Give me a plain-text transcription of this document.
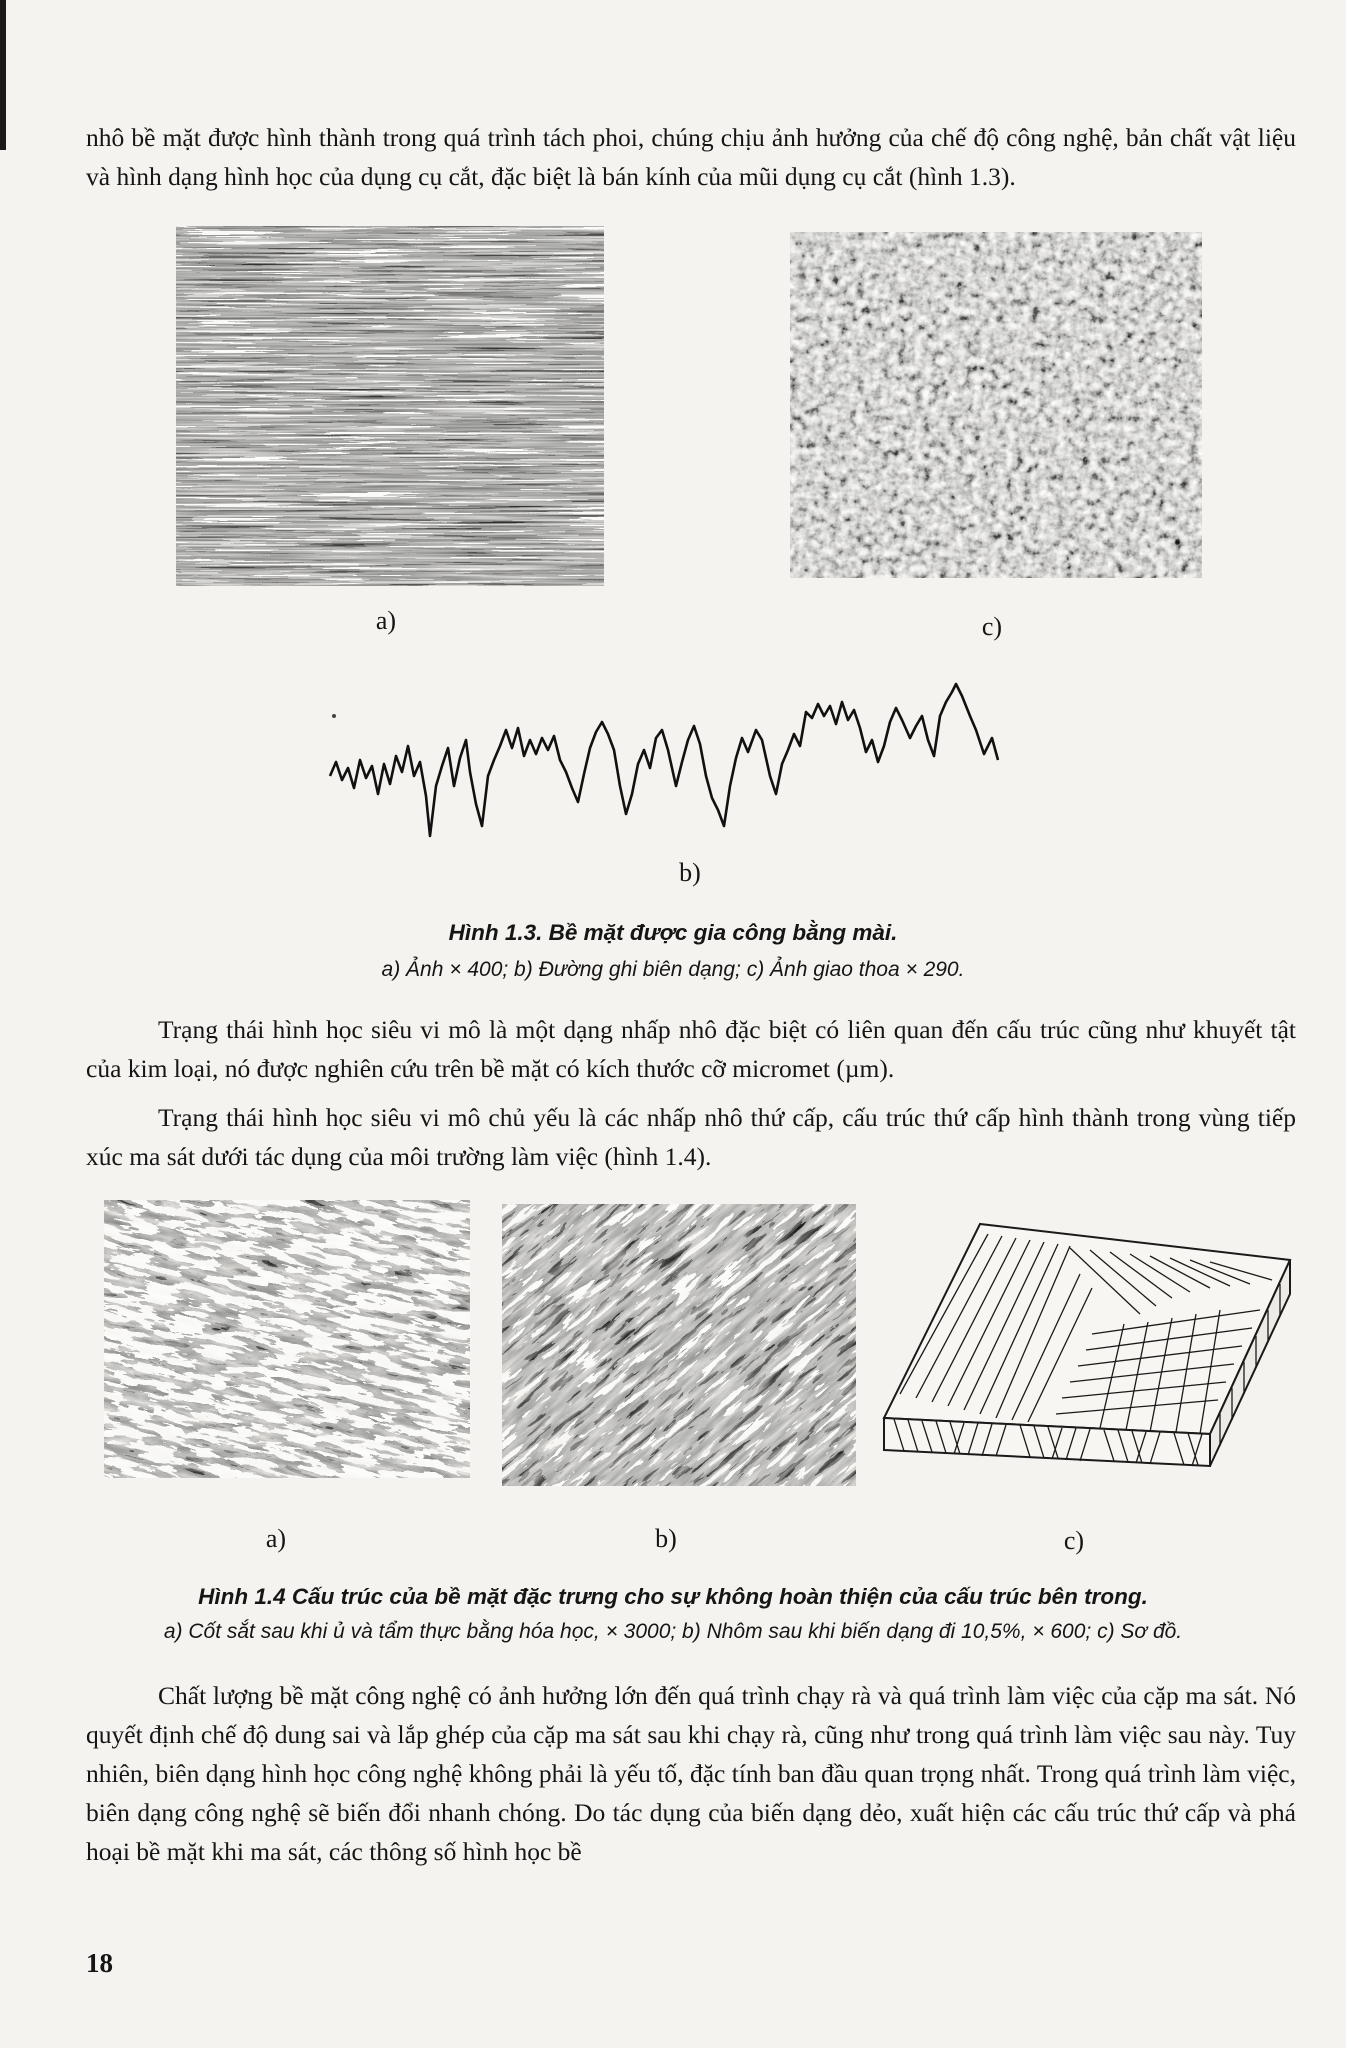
nhô bề mặt được hình thành trong quá trình tách phoi, chúng chịu ảnh hưởng của chế độ công nghệ, bản chất vật liệu và hình dạng hình học của dụng cụ cắt, đặc biệt là bán kính của mũi dụng cụ cắt (hình 1.3).

a)	c)
b)
Hình 1.3. Bề mặt được gia công bằng mài.
a) Ảnh × 400; b) Đường ghi biên dạng; c) Ảnh giao thoa × 290.

Trạng thái hình học siêu vi mô là một dạng nhấp nhô đặc biệt có liên quan đến cấu trúc cũng như khuyết tật của kim loại, nó được nghiên cứu trên bề mặt có kích thước cỡ micromet (µm).

Trạng thái hình học siêu vi mô chủ yếu là các nhấp nhô thứ cấp, cấu trúc thứ cấp hình thành trong vùng tiếp xúc ma sát dưới tác dụng của môi trường làm việc (hình 1.4).

a)	b)	c)
Hình 1.4 Cấu trúc của bề mặt đặc trưng cho sự không hoàn thiện của cấu trúc bên trong.
a) Cốt sắt sau khi ủ và tẩm thực bằng hóa học, × 3000; b) Nhôm sau khi biến dạng đi 10,5%, × 600; c) Sơ đồ.

Chất lượng bề mặt công nghệ có ảnh hưởng lớn đến quá trình chạy rà và quá trình làm việc của cặp ma sát. Nó quyết định chế độ dung sai và lắp ghép của cặp ma sát sau khi chạy rà, cũng như trong quá trình làm việc sau này. Tuy nhiên, biên dạng hình học công nghệ không phải là yếu tố, đặc tính ban đầu quan trọng nhất. Trong quá trình làm việc, biên dạng công nghệ sẽ biến đổi nhanh chóng. Do tác dụng của biến dạng dẻo, xuất hiện các cấu trúc thứ cấp và phá hoại bề mặt khi ma sát, các thông số hình học bề

18
